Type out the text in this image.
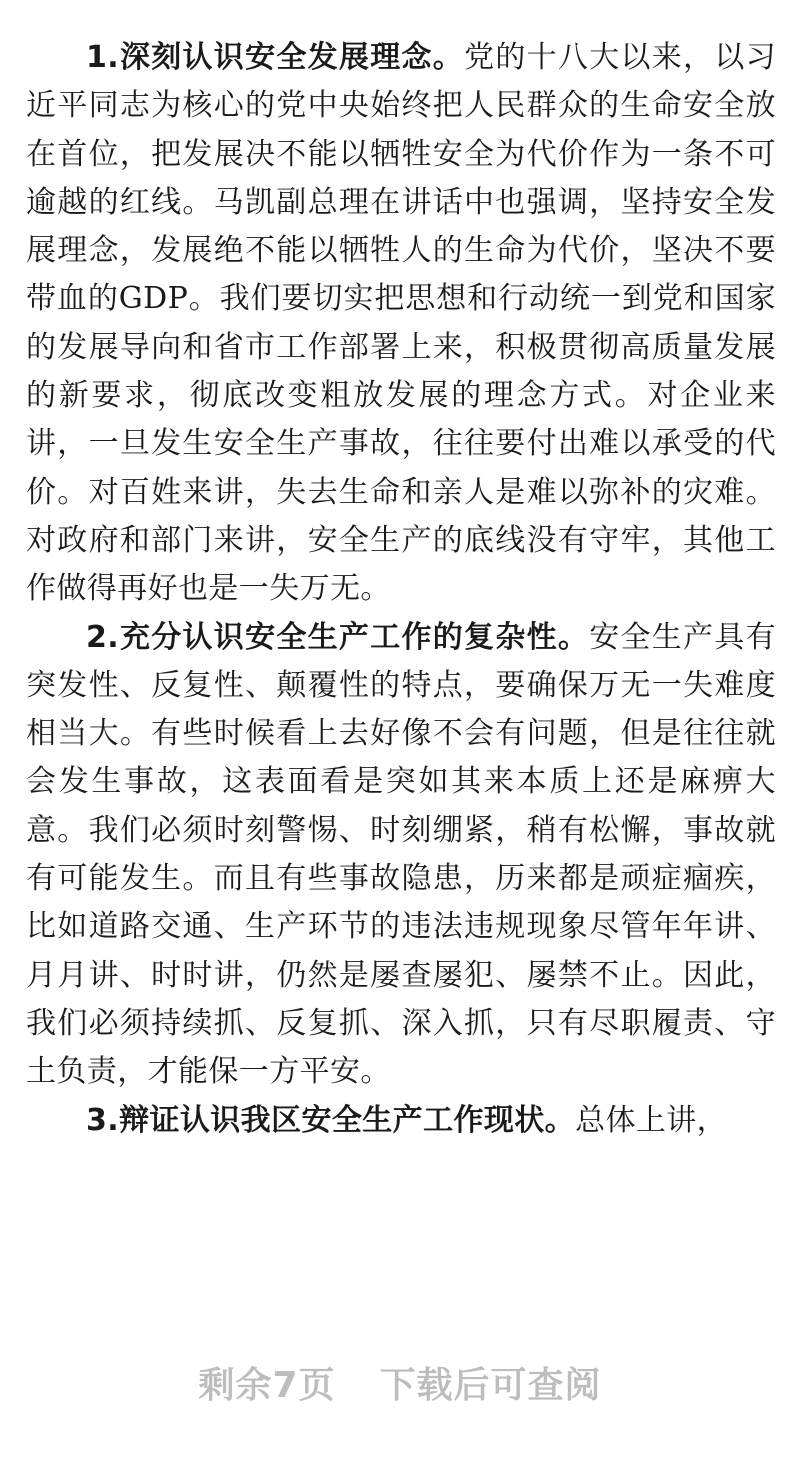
1.深刻认识安全发展理念。党的十八大以来，以习近平同志为核心的党中央始终把人民群众的生命安全放在首位，把发展决不能以牺牲安全为代价作为一条不可逾越的红线。马凯副总理在讲话中也强调，坚持安全发展理念，发展绝不能以牺牲人的生命为代价，坚决不要带血的GDP。我们要切实把思想和行动统一到党和国家的发展导向和省市工作部署上来，积极贯彻高质量发展的新要求，彻底改变粗放发展的理念方式。对企业来讲，一旦发生安全生产事故，往往要付出难以承受的代价。对百姓来讲，失去生命和亲人是难以弥补的灾难。对政府和部门来讲，安全生产的底线没有守牢，其他工作做得再好也是一失万无。

2.充分认识安全生产工作的复杂性。安全生产具有突发性、反复性、颠覆性的特点，要确保万无一失难度相当大。有些时候看上去好像不会有问题，但是往往就会发生事故，这表面看是突如其来本质上还是麻痹大意。我们必须时刻警惕、时刻绷紧，稍有松懈，事故就有可能发生。而且有些事故隐患，历来都是顽症痼疾，比如道路交通、生产环节的违法违规现象尽管年年讲、月月讲、时时讲，仍然是屡查屡犯、屡禁不止。因此，我们必须持续抓、反复抓、深入抓，只有尽职履责、守土负责，才能保一方平安。

3.辩证认识我区安全生产工作现状。总体上讲，

剩余7页 下载后可查阅
